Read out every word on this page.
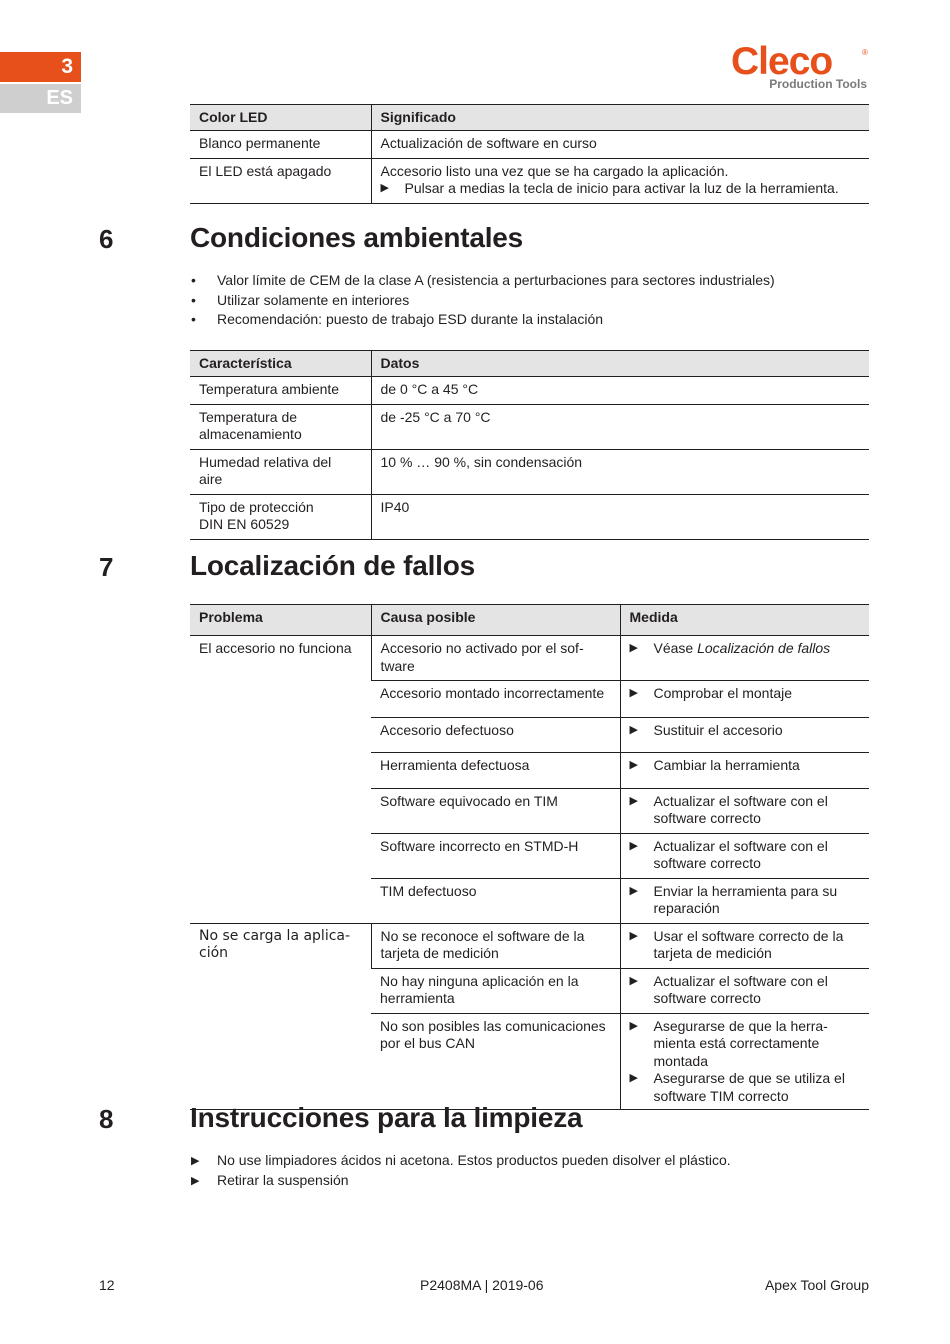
3
ES
Cleco	®
Production Tools
Color LED	Significado
Blanco permanente	Actualización de software en curso
El LED está apagado	Accesorio listo una vez que se ha cargado la aplicación.
▶ Pulsar a medias la tecla de inicio para activar la luz de la herramienta.
6	Condiciones ambientales
• Valor límite de CEM de la clase A (resistencia a perturbaciones para sectores industriales)
• Utilizar solamente en interiores
• Recomendación: puesto de trabajo ESD durante la instalación
Característica	Datos
Temperatura ambiente	de 0 °C a 45 °C
Temperatura de almacenamiento	de -25 °C a 70 °C
Humedad relativa del aire	10 % … 90 %, sin condensación
Tipo de protección DIN EN 60529	IP40
7	Localización de fallos
Problema	Causa posible	Medida
El accesorio no funciona	Accesorio no activado por el sof-tware	▶ Véase Localización de fallos

	Accesorio montado incorrectamente	▶ Comprobar el montaje

	Accesorio defectuoso	▶ Sustituir el accesorio

	Herramienta defectuosa	▶ Cambiar la herramienta

	Software equivocado en TIM	▶ Actualizar el software con el software correcto

	Software incorrecto en STMD-H	▶ Actualizar el software con el software correcto

	TIM defectuoso	▶ Enviar la herramienta para su reparación

No se carga la aplica-ción	No se reconoce el software de la tarjeta de medición	▶ Usar el software correcto de la tarjeta de medición

	No hay ninguna aplicación en la herramienta	▶ Actualizar el software con el software correcto

	No son posibles las comunicaciones por el bus CAN	▶ Asegurarse de que la herra-mienta está correctamente montada
▶ Asegurarse de que se utiliza el software TIM correcto
8	Instrucciones para la limpieza
▶ No use limpiadores ácidos ni acetona. Estos productos pueden disolver el plástico.
▶ Retirar la suspensión
12	P2408MA | 2019-06	Apex Tool Group
